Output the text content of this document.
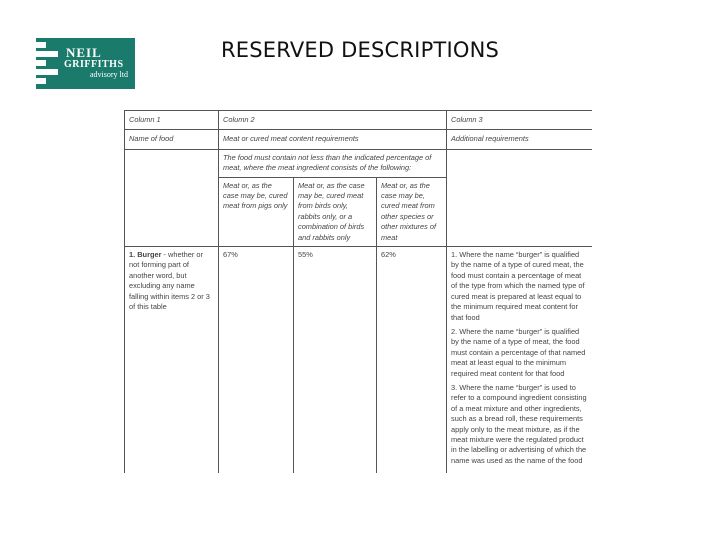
NEIL
GRIFFITHS
advisory ltd
RESERVED DESCRIPTIONS
Column 1	Column 2			Column 3
Name of food	Meat or cured meat content requirements			Additional requirements
	The food must contain not less than the indicated percentage of meat, where the meat ingredient consists of the following:			
	Meat or, as the case may be, cured meat from pigs only	Meat or, as the case may be, cured meat from birds only, rabbits only, or a combination of birds and rabbits only	Meat or, as the case may be, cured meat from other species or other mixtures of meat	
1. Burger - whether or not forming part of another word, but excluding any name falling within items 2 or 3 of this table	67%	55%	62%	1. Where the name “burger” is qualified by the name of a type of cured meat, the food must contain a percentage of meat of the type from which the named type of cured meat is prepared at least equal to the minimum required meat content for that food
2. Where the name “burger” is qualified by the name of a type of meat, the food must contain a percentage of that named meat at least equal to the minimum required meat content for that food
3. Where the name “burger” is used to refer to a compound ingredient consisting of a meat mixture and other ingredients, such as a bread roll, these requirements apply only to the meat mixture, as if the meat mixture were the regulated product in the labelling or advertising of which the name was used as the name of the food
